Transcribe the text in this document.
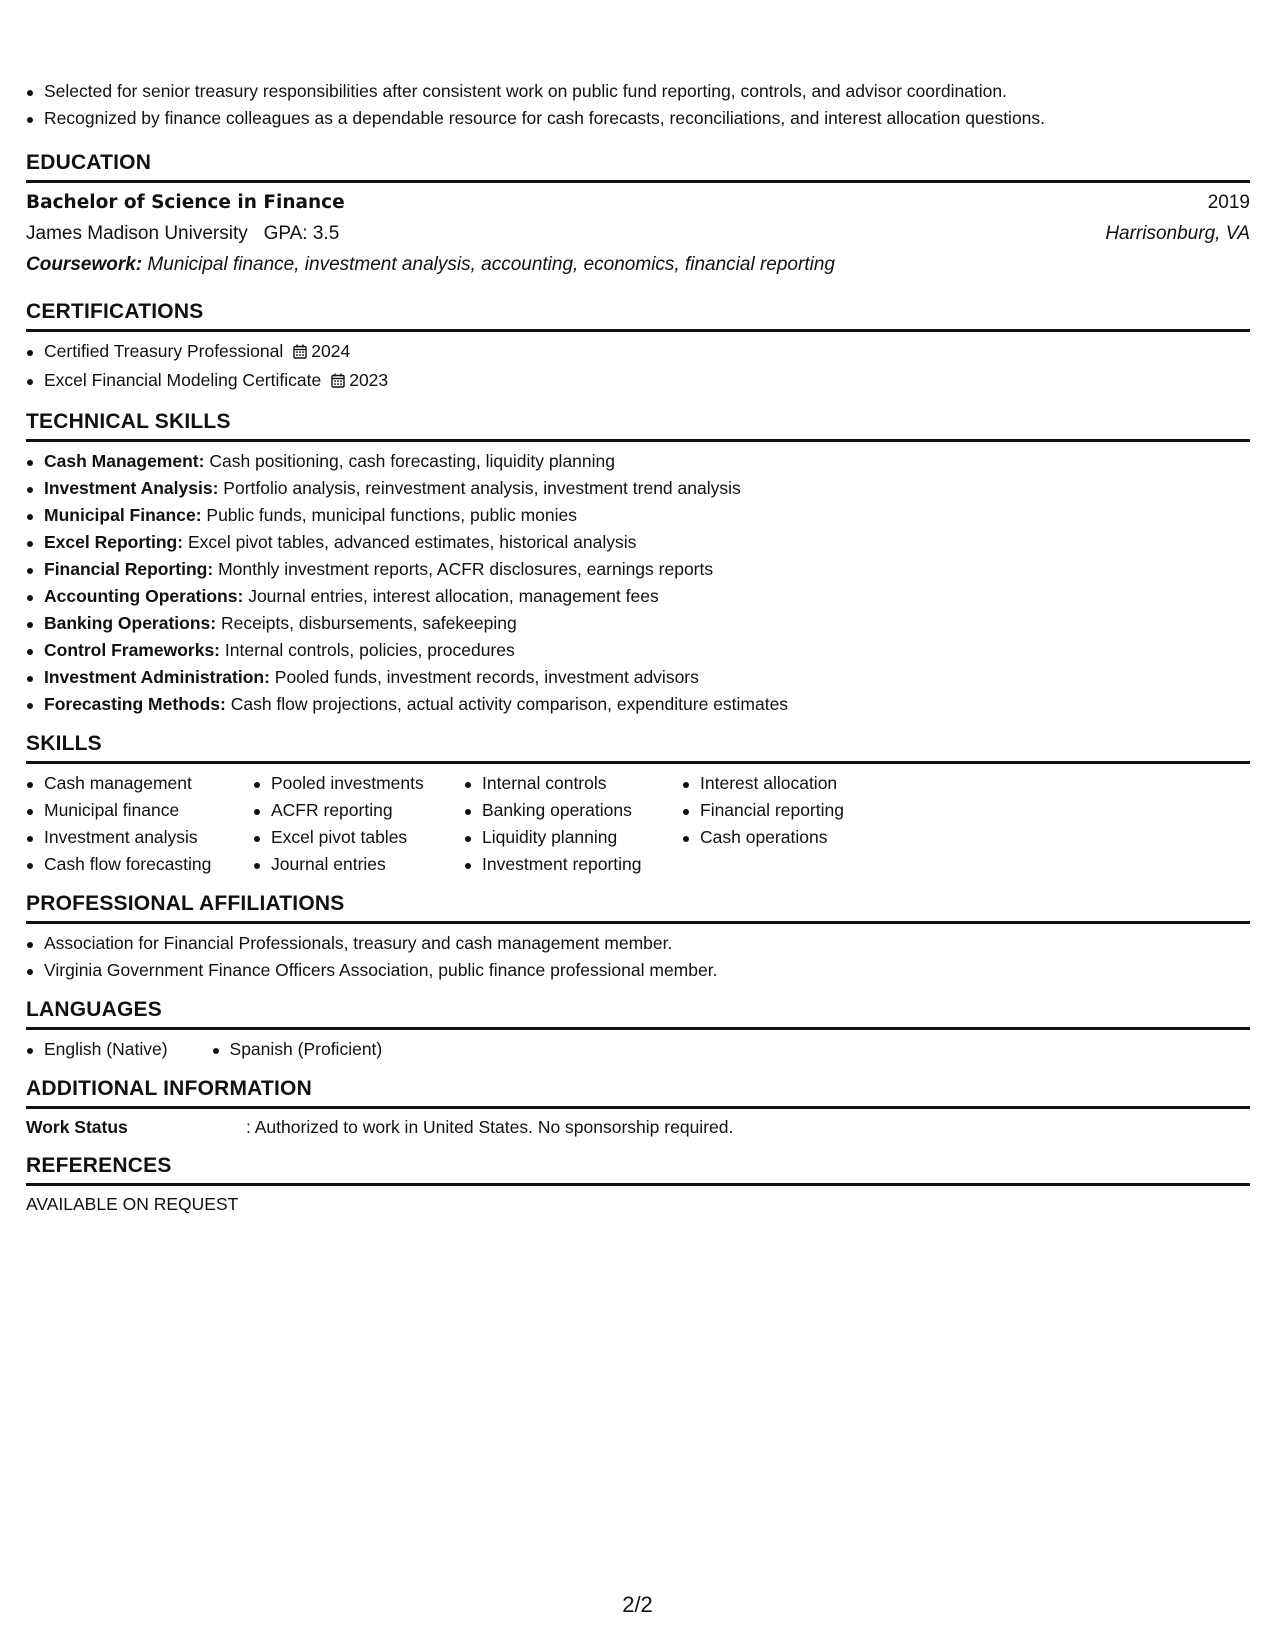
Selected for senior treasury responsibilities after consistent work on public fund reporting, controls, and advisor coordination.
Recognized by finance colleagues as a dependable resource for cash forecasts, reconciliations, and interest allocation questions.
EDUCATION
Bachelor of Science in Finance	2019
James Madison University GPA: 3.5	Harrisonburg, VA
Coursework: Municipal finance, investment analysis, accounting, economics, financial reporting
CERTIFICATIONS
Certified Treasury Professional 2024
Excel Financial Modeling Certificate 2023
TECHNICAL SKILLS
Cash Management: Cash positioning, cash forecasting, liquidity planning
Investment Analysis: Portfolio analysis, reinvestment analysis, investment trend analysis
Municipal Finance: Public funds, municipal functions, public monies
Excel Reporting: Excel pivot tables, advanced estimates, historical analysis
Financial Reporting: Monthly investment reports, ACFR disclosures, earnings reports
Accounting Operations: Journal entries, interest allocation, management fees
Banking Operations: Receipts, disbursements, safekeeping
Control Frameworks: Internal controls, policies, procedures
Investment Administration: Pooled funds, investment records, investment advisors
Forecasting Methods: Cash flow projections, actual activity comparison, expenditure estimates
SKILLS
Cash management
Municipal finance
Investment analysis
Cash flow forecasting
Pooled investments
ACFR reporting
Excel pivot tables
Journal entries
Internal controls
Banking operations
Liquidity planning
Investment reporting
Interest allocation
Financial reporting
Cash operations
PROFESSIONAL AFFILIATIONS
Association for Financial Professionals, treasury and cash management member.
Virginia Government Finance Officers Association, public finance professional member.
LANGUAGES
English (Native)	Spanish (Proficient)
ADDITIONAL INFORMATION
Work Status	: Authorized to work in United States. No sponsorship required.
REFERENCES
AVAILABLE ON REQUEST
2/2
